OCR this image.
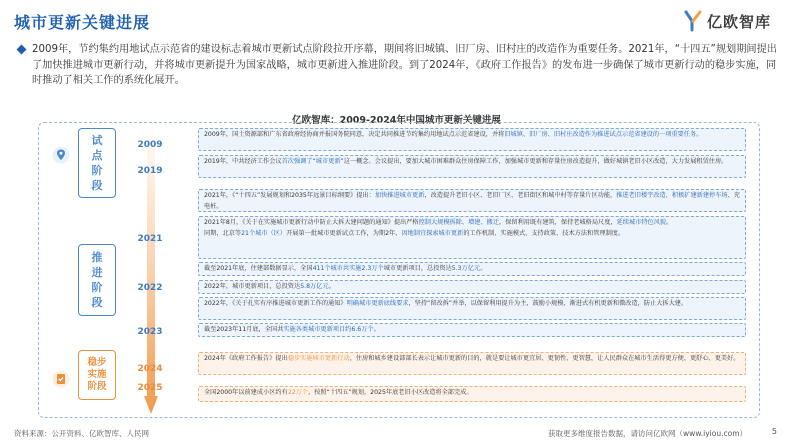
城市更新关键进展	亿欧智库
2009年，节约集约用地试点示范省的建设标志着城市更新试点阶段拉开序幕，期间将旧城镇、旧厂房、旧村庄的改造作为重要任务。2021年，“十四五”规划期间提出了加快推进城市更新行动，并将城市更新提升为国家战略，城市更新进入推进阶段。到了2024年，《政府工作报告》的发布进一步确保了城市更新行动的稳步实施，同时推动了相关工作的系统化展开。
亿欧智库：2009-2024年中国城市更新关键进展
2009
2019
2021
2022
2023
2024
2025
试
点
阶
段
推
进
阶
段
稳步
实施
阶段

2009年，国土资源部和广东省政府经协商并报国务院同意，决定共同推进节约集约用地试点示范省建设，并将旧城镇、旧厂房、旧村庄改造作为推进试点示范省建设的一项重要任务。

2019年，中共经济工作会议首次强调了“城市更新”这一概念。会议提出，要加大城市困难群众住房保障工作，加强城市更新和存量住房改造提升，做好城镇老旧小区改造，大力发展租赁住房。

2021年，《“十四五”发展规划和2035年远景目标纲要》提出：加快推进城市更新，改造提升老旧小区、老旧厂区、老旧街区和城中村等存量片区功能，推进老旧楼宇改造，积极扩建新建停车场、充电桩。

2021年8月，《关于在实施城市更新行动中防止大拆大建问题的通知》提出严格控制大规模拆除、增建、搬迁，保留利用既有建筑，保持老城格局尺度，延续城市特色风貌。
同期，北京等21个城市（区）开展第一批城市更新试点工作，为期2年，因地制宜探索城市更新的工作机制、实施模式、支持政策、技术方法和管理制度。

截至2021年底，住建部数据显示，全国411个城市共实施2.3万个城市更新项目，总投资达5.3万亿元。

2022年，城市更新项目，总投资达5.8万亿元。

2022年，《关于扎实有序推进城市更新工作的通知》明确城市更新底线要求，坚持“留改拆”并举，以保留利用提升为主，鼓励小规模、渐进式有机更新和微改造，防止大拆大建。

截至2023年11月底，全国共实施各类城市更新项目约6.6万个。

2024年《政府工作报告》提出稳步实施城市更新行动，住房和城乡建设部部长表示让城市更新的目的，就是要让城市更宜居、更韧性、更智慧，让人民群众在城市生活得更方便、更舒心、更美好。

全国2000年以前建成小区约有22万个，按照“十四五”规划，2025年底老旧小区改造将全部完成。

资料来源：公开资料、亿欧智库、人民网	获取更多维度报告数据，请访问亿欧网（www.iyiou.com）	5
